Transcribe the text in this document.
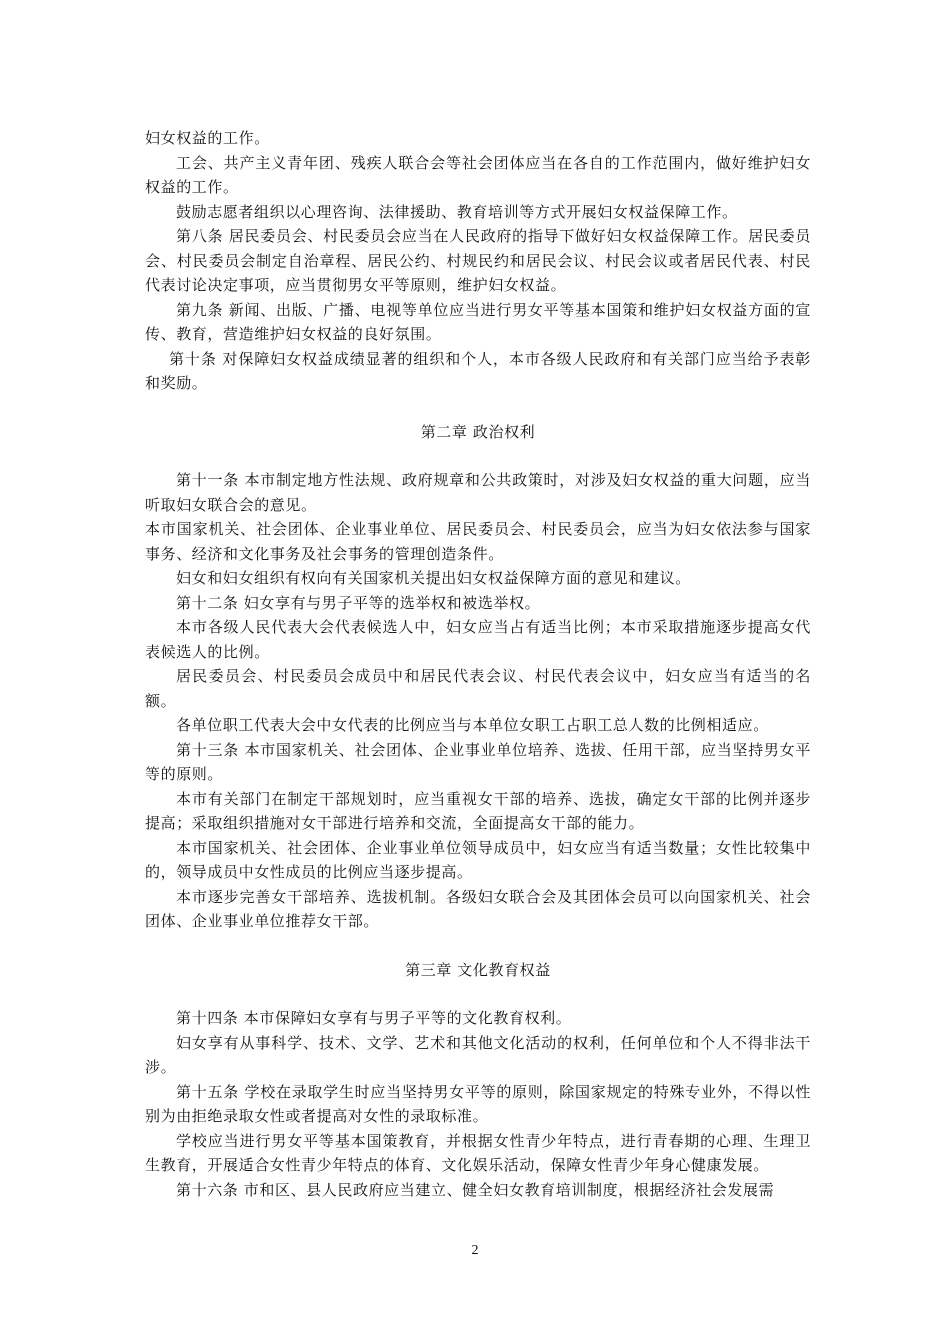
妇女权益的工作。

工会、共产主义青年团、残疾人联合会等社会团体应当在各自的工作范围内，做好维护妇女权益的工作。

鼓励志愿者组织以心理咨询、法律援助、教育培训等方式开展妇女权益保障工作。

第八条 居民委员会、村民委员会应当在人民政府的指导下做好妇女权益保障工作。居民委员会、村民委员会制定自治章程、居民公约、村规民约和居民会议、村民会议或者居民代表、村民代表讨论决定事项，应当贯彻男女平等原则，维护妇女权益。

第九条 新闻、出版、广播、电视等单位应当进行男女平等基本国策和维护妇女权益方面的宣传、教育，营造维护妇女权益的良好氛围。

第十条 对保障妇女权益成绩显著的组织和个人，本市各级人民政府和有关部门应当给予表彰和奖励。

第二章 政治权利

第十一条 本市制定地方性法规、政府规章和公共政策时，对涉及妇女权益的重大问题，应当听取妇女联合会的意见。

本市国家机关、社会团体、企业事业单位、居民委员会、村民委员会，应当为妇女依法参与国家事务、经济和文化事务及社会事务的管理创造条件。

妇女和妇女组织有权向有关国家机关提出妇女权益保障方面的意见和建议。

第十二条 妇女享有与男子平等的选举权和被选举权。

本市各级人民代表大会代表候选人中，妇女应当占有适当比例；本市采取措施逐步提高女代表候选人的比例。

居民委员会、村民委员会成员中和居民代表会议、村民代表会议中，妇女应当有适当的名额。

各单位职工代表大会中女代表的比例应当与本单位女职工占职工总人数的比例相适应。

第十三条 本市国家机关、社会团体、企业事业单位培养、选拔、任用干部，应当坚持男女平等的原则。

本市有关部门在制定干部规划时，应当重视女干部的培养、选拔，确定女干部的比例并逐步提高；采取组织措施对女干部进行培养和交流，全面提高女干部的能力。

本市国家机关、社会团体、企业事业单位领导成员中，妇女应当有适当数量；女性比较集中的，领导成员中女性成员的比例应当逐步提高。

本市逐步完善女干部培养、选拔机制。各级妇女联合会及其团体会员可以向国家机关、社会团体、企业事业单位推荐女干部。

第三章 文化教育权益

第十四条 本市保障妇女享有与男子平等的文化教育权利。

妇女享有从事科学、技术、文学、艺术和其他文化活动的权利，任何单位和个人不得非法干涉。

第十五条 学校在录取学生时应当坚持男女平等的原则，除国家规定的特殊专业外，不得以性别为由拒绝录取女性或者提高对女性的录取标准。

学校应当进行男女平等基本国策教育，并根据女性青少年特点，进行青春期的心理、生理卫生教育，开展适合女性青少年特点的体育、文化娱乐活动，保障女性青少年身心健康发展。

第十六条 市和区、县人民政府应当建立、健全妇女教育培训制度，根据经济社会发展需

2
